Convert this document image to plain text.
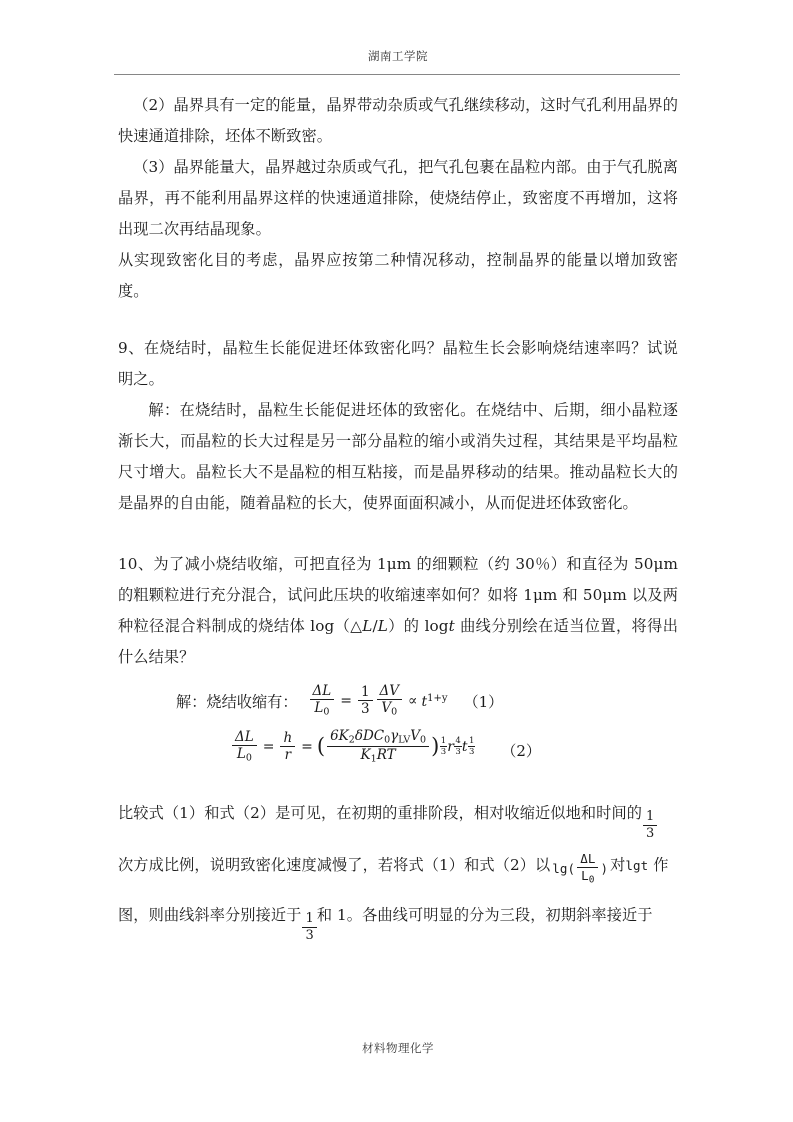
湖南工学院

（2）晶界具有一定的能量，晶界带动杂质或气孔继续移动，这时气孔利用晶界的快速通道排除，坯体不断致密。

（3）晶界能量大，晶界越过杂质或气孔，把气孔包裹在晶粒内部。由于气孔脱离晶界，再不能利用晶界这样的快速通道排除，使烧结停止，致密度不再增加，这将出现二次再结晶现象。

从实现致密化目的考虑，晶界应按第二种情况移动，控制晶界的能量以增加致密度。

9、在烧结时，晶粒生长能促进坯体致密化吗？晶粒生长会影响烧结速率吗？试说明之。

解：在烧结时，晶粒生长能促进坯体的致密化。在烧结中、后期，细小晶粒逐渐长大，而晶粒的长大过程是另一部分晶粒的缩小或消失过程，其结果是平均晶粒尺寸增大。晶粒长大不是晶粒的相互粘接，而是晶界移动的结果。推动晶粒长大的是晶界的自由能，随着晶粒的长大，使界面面积减小，从而促进坯体致密化。

10、为了减小烧结收缩，可把直径为 1μm 的细颗粒（约 30％）和直径为 50μm 的粗颗粒进行充分混合，试问此压块的收缩速率如何？如将 1μm 和 50μm 以及两种粒径混合料制成的烧结体 log（△L/L）的 logt 曲线分别绘在适当位置，将得出什么结果？

解：烧结收缩有： $\frac{\Delta L}{L_0} = \frac{1}{3} \frac{\Delta V}{V_0} \propto t^{1+y}$	（1）
$\frac{\Delta L}{L_0} = \frac{h}{r}$ = ( $\frac{6K_2\delta DC_0\gamma_{LV}V_0}{K_1RT}$ ) $\frac{1}{3}$ r $\frac{4}{3}$ t $\frac{1}{3}$	（2）

比较式（1）和式（2）是可见，在初期的重排阶段，相对收缩近似地和时间的 $\frac{1}{3}$

次方成比例，说明致密化速度减慢了，若将式（1）和式（2）以 $\lg( \frac{\Delta L}{L_0}$ ) 对lgt 作

图，则曲线斜率分别接近于 $\frac{1}{3}$ 和 1。各曲线可明显的分为三段，初期斜率接近于

材料物理化学
